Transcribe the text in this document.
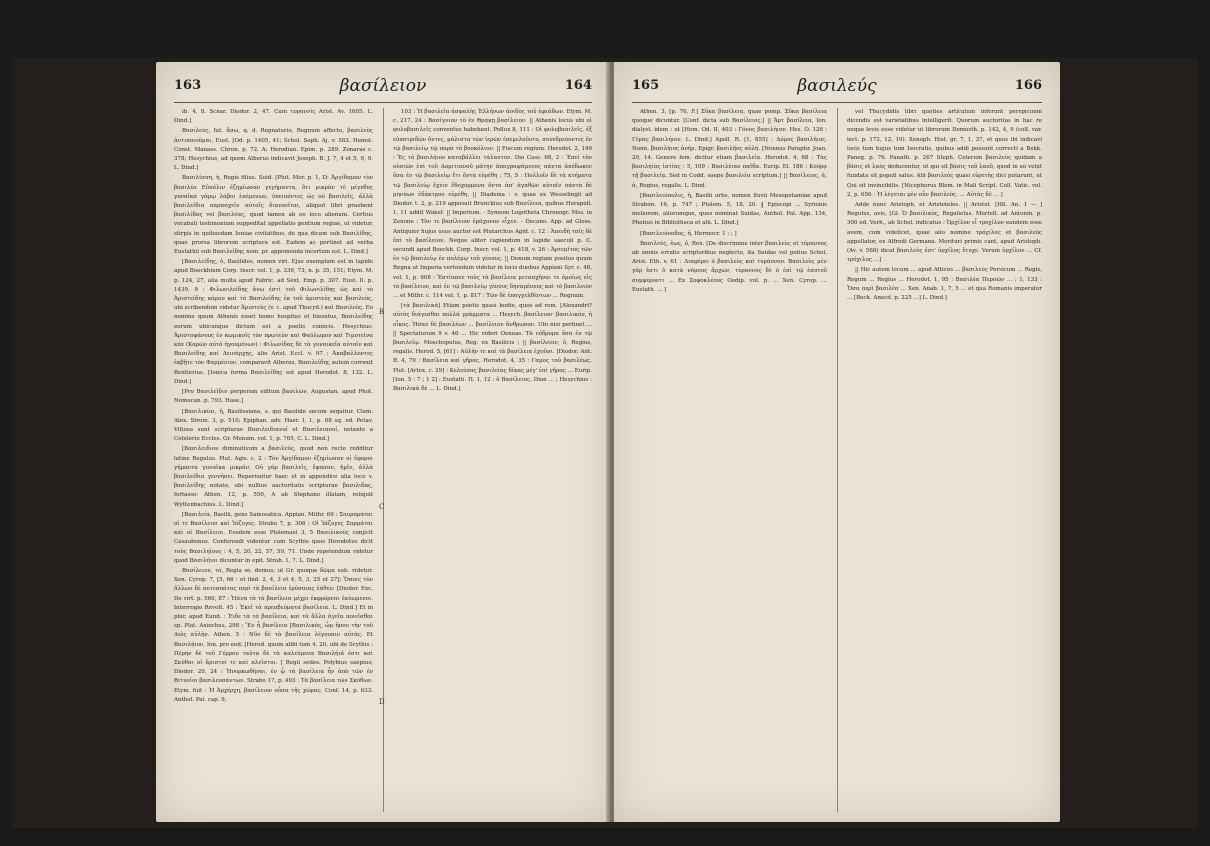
163	βασίλειον	164

ib. 4, 8. Scnar. Diodor. 2, 47. Cum τυραννὶς Arist. Av. 1605. L. Dind.]

Βασιλεὺς, fut. ἄσω, q. d. Regnaturio, Regnum affecto, βασιλεὺς ἀντιποιοῦμαι, Eust. [Od. p. 1405, 41; Schol. Soph. Aj. v. 583. Hemst. Const. Manass. Chron. p. 72. A; Herodian. Epim. p. 289. Zonaras c. 378; Hesychius, ad quem Alberus indicavit Joseph. B. J. 7, 4 et 5, 9, 9. L. Dind.]

Βασιλίσση, ἡ, Regis filius. Suid. [Plut. Mor. p. 1, D: Ἀργίδαμον τὸν βασιλέα Εὐπόλιν ἐζημίωσαν γεγήμαντα, ὅτι μικρὰν τὲ μέγεθος γυναῖκα γάμῳ λάβοι ἐπέμενων, ὑπειπόντες ὡς οὐ βασιλεῖς, ἀλλὰ βασιλείδια παρασχεῖν αὐτοῖς διανοεῖται, aliquot libri praebent βασιλίδας vel βασιλέας, quod tamen ab eo loco alienum. Certius vocabuli testimonium suppeditat appellatio gentium regiae, ut videtur, stirpis in quibusdam Ioniae civitatibus, de qua dicam sub Βασιλίδης, quae prorsa librorum scriptura est. Eadem ac pertinet ad verba Eustathii sub Βασιλείδης nom. pr. appomenda incertum est. L. Dind.]

[Βασιλείδης, ὁ, Basilides, nomen viri. Ejus exemplum est in lapide apud Boeckhium Corp. Inscr. vol. 1, p. 339, 73, n. p. 35, 151; Etym. M. p. 124, 27, alia multa apud Fabric. ad Sext. Emp. p. 307. Eust. Il. p. 1439, 9 : Φιλωνιλείδης ἄνω ἐστὶ τοῦ Φιλωνιλίδης ὡς καὶ τὸ Ἀριστείδης κάρου καὶ τὸ Βασιλείδης ἐκ τοῦ ἀριστεὺς καὶ βασιλεύς, ubi scribendum videtur Ἀριστεὺς (v. c. apud Thucyd.) καὶ Βασιλεὺς. Eo nomine quum Athenis esset homo hospitus et hiesutus, Βασιλείδης eorum ubicunque dictum est a poetis comicis. Hesychius: Ἀριστοφάνους ἐν κωμικοῖς τὸν πρωτεὺν καὶ Φαύλωμον καὶ Τιμοτεῖνα κέα (Καρῶν αὐτὸ ἡγουμένων) : Φιλωνίδας δὲ τὰ γυναικεῖα αὐτοῖν καὶ Βασιλείδης καὶ Δεινάρχης, alio Arist. Eccl. v. 97 : Ἀκαβαλλοντες ἐκβῇτε τὸν Φαρμένιον, comparavit Alberus, Βασιλείδης autem correxit Bentlerius. [Ionica forma Βασιλεῖδης est apud Herodot. 8, 132. L. Dind.]

[Pro Βασιλεῖδιν perperam editum βασιλῶν, Augustan, apud Phot. Nomocan. p. 793. Hase.]

[Βασιλικίαι, ἡ, Basilissiana, s. qui Basilide secum sequitur. Clem. Alex. Strom. 3, p. 510; Epiphan. adv. Haer. I, 1, p. 68 sq. ed. Petav. Vitiosa sunt scripturae Βασιλειδιανοί et Βασιλειανοί, notante a Cotelerio Eccles. Gr. Monum. vol. 1, p. 765, C. L. Dind.]

[Βασιλειδιον diminutivum a βασιλεύς, quod non recte redditur latine Regulus. Plut. Agis. c. 2 : Τὸν Ἀργίδαμον ἐζημίωσαν οἱ ἔφοροι γήμαντα γυναῖκα μικράν, Οὐ γὰρ βασιλεῖς, ἔφασαν, ἡμῖν, ἀλλὰ βασιλείδια γεννήσει. Reperiuntur haec et in appendice alia loco v. βασιλείδης notato, ubi nullius auctoritatis scripturae βασιλιδας, fortasse: Athen. 12, p. 550, A ab Stephano illatam, reliquit Wyttenbachius. L. Dind.]

[Βασιλεία, Basilii, gens Samosatica. Appian. Mithr. 69 : Σαυρομάται οἱ τε Βασίλειοι καὶ Ἰάζυγες. Strabo 7, p. 306 : Οἱ Ἰάζυγες Σαρμάται καὶ οἱ Βασίλειοι. Eosdem esse Ptolemaei 3, 5 Βασιλικοὺς conjicit Casaubonus. Conferendi videntur cum Scythis quos Herodotus dicit τοὺς Βασιληίους : 4, 5, 20, 22, 57, 59, 71. Unde repetendum videtur quod Βασιλήιοι dicuntur in epit. Strab. 1, 7. L. Dind.]

Βασίλειον, τὸ, Regia se. domus; ut Gr. quoque δῶμα sub. videtur. Xen. Cyrop. 7, [5, 66 : et ibid. 2, 4, 3 et 4, 5, 3, 25 et 27]; Ὅσοις τὸν ἄλλων δὲ ποτεσπάτας περὶ τὰ βασίλεια ἐρύσαιας ἐάθεν; [Diodor. Exc. De virt. p. 560, 87 : Ἠάνα τὰ τὰ βασίλεια μέχρι ἐκφρόρναι ἐκύωμενοι. Interrogio Revolt. 45 : Ἐκεῖ τὰ πρεσβεύματα βασίλεια. L. Dind.] Et in plur. apud Eund. : Ἐιδε τὰ τὰ βασίλεια, καὶ τὰ ἄλλα ἀγεῖα ποιεῖσθαι sp. Plat. Axiochus, 298 : Ἕν ἧ βασίλεια [Βασιλικός, ὧμ ἥπου τὴν τοῦ Διὸς αὐλὴν. Athen. 5 : Νῦν δὲ τὰ βασίλεια λέγουσιν αὐτὰς. Et Βασιλήιον, Ion. pro eod. [Herod. quum alibi tum 4, 20, ubi de Scythis : Πέρην δὲ τοῦ Γέρρου ταῦτα δὲ τὰ καλεύμενα Βασιλήιά ἐστι καὶ Σκύθαι οἱ ἄριστοί τε καὶ πλεῖστοι. [ Regii sedes. Polybius saepius; Diodor. 20, 24 : Ἠνορκωθήναι, ἐν ᾧ τὰ βασίλεια ἦν ἀπὸ τῶν ἐν Βιτυνίοι βασιλευσάντων. Strabo 17, p. 493 : Τὰ βασίλεια τῶν Σκύθων. Etym. fuit : Ἡ Ἀρχέρχη, βασίλειον οὖσα τῆς χώρας. Conf. 14, p. 633. Anthol. Pal. cap. 9,

B
C
D

103 : Ἡ βασιλεῖα ἀσφαλὴς Ἑλλήνων ἀοιδὸς τοῦ ἐφεάδων. Etym. M. c. 217, 24 : Βασίγνιον τὸ ἐν Θρᾳκῃ βασίλειον. || Athenis locus ubi οἱ φυλοβασιλεῖς conventus habebant. Pollux 8, 111 : Οἱ φυλοβασιλεῖς, ἐξ εὐπατριδῶν ὄντες, μάλιστα τῶν ἱερῶν ἐπεμελοῦντο, συνεδρεύοντες ἐν τῷ βασιλείῳ τῷ παρὰ τὸ βουκόλιον. || Fiscum regium. Herodot. 2, 149 : Ἐς τὸ βασιλήιον καταβάλλει τάλαντον. Dio Cass. 68, 2 : Ἐπεὶ τὸν οὐσιῶν ἐπὶ τοῦ Δομιτιανοῦ μάτην ἀπογραψάμενος πάντα ἀπέδωκεν ὅσα ἐν τῷ βασιλείῳ ἔτι ὄντα εὑρέθη ; 75, 5 : Πολλοῖν δὲ τὰ κτήματα τῷ βασιλείῳ ἔχειν ἔδοχορμονα ὄντα ἀπ' ἀγαθῶν αὑτοῖν πάντα δὲ μηνύων ἐδάκτρου εὐρέθη. || Diadema : v. quae ex Wesselingii ad Diodor. t. 2, p. 219 apposuit Brunckius sub Βασίλεια, quibus Horapoll. 1, 11 addit Wakef. || Imperium. - Symeon Logotheta Chronogr. Mss. in Zenone : Τὸν τε βασίλειον ἐμάχονον εἶχεν. - Decano. App. ad Gloss. Antiquior hujus usus auctor est Plutarchus Agid. c. 12 : Ἀπειδὴ ταῖς δὲ ἐπὶ τὸ βασίλειον. Neque aliter capiendum in lapide saeculi p. C. secundi apud Boeckh. Corp. Inscr. vol. 1, p. 418, v. 26 : Ἀρτεμίτος τῶν ἐν τῷ βασιλείῳ ἐν πολέμῳ τοῦ γένους. || Donum regiam positus quum Regna ut Imperia vertendum videtur in locis duobus Appiani Syr. c. 48, vol. 1, p. 608 : Ἐστίασεν τοὺς τὰ βασίλεια μετασχῆναι τε ὁμοίως εἰς τὸ βασίλειον, καὶ ἐν τῷ βασιλείῳ γένους δηναμένους καὶ τὸ βασιλειον ... et Mithr. c. 114 vol. 1, p. 817 : Τῶν δὲ ἐπαγγελθέντων ... Regnum.

[τὰ βασιλικά] Etiam poetis quasi hodie, quos ad rem. [Alexandri? αὐτὸς διάγεσθαι πολλά γράμματα ... Hesych. βασίλειον· βασιλικὸν, ἡ οἶκος. Ἡσαν δὲ βασιλέων ... βασίλειον ἄνθρωπον. Ubi nisi pertinet ... || Spectatorum 9 v. 46 ... Hic videri Oeneas. Τὰ εὐδρομα ὅσα ἐν τῷ βασιλείῳ. Moschopulus, Reg. ex Basilicis ; || βασίλειον, ὁ, Regius, regalis. Herod. 5, [61] : Αὐλὴν τε καὶ τὰ βασίλεια ἐχοῦσι. [Diodor. Ant. R. 4, 79 : Βασίλεια καὶ γῆρας. Herodot. 4, 35 : Γαμος τοῦ βασιλέως. Plut. [Artox. c. 29] : Κελεύσας βασιλείας δίκας μέγ' ἐπὶ γῆρας ... Eurip. [Ion. 5 : 7 ; 1 2] : Eustath. Π. 1, 12 : ὁ Βασίλειος. Dion ... ; Hesychius : Βασιλικὰ δὲ ... L. Dind.]

165	βασιλεύς	166

Athen. 3, [p. 76, F.] Σῦκα βασίλεια, quae pomp. Σῦκα βασίλεια quoque dicuntur. [Conf. dicta sub Βασίλειος.] || Ἀρτ βασίλεια, Ion. dialyst. idem : ut [Hom. Od. II, 403 : Γόνος βασιλήιον. Hes. O. 126 : Γέρας βασιλήιον. L. Dind.] Apoll. R. [1, 855] : Δόμος βασιλήιος. Nonn. βασιλήιος ἀνήρ. Epigr. βασιλῆος αὐλή. [Nonnus Paraphr. Joan. 20, 14. Genere fem. dicitur etiam βασιλεία. Herodot. 4, 68 : Τὰς βασιληίας ἱστίας : 5, 109 : Βασιλέιαν παῖδα. Eurip. El. 186 : Κούρᾳ τῇ βασιλείᾳ. Sed in Codd. saepe βασιλεία scriptum.] || Βασίλειος, ἁ, ἁ, Regius, regalis. L. Dind.

[Βασιλειόπολις, ἡ, Basilii urbs, nomen fluvii Mesopotamiae apud Strabon. 16, p. 747 ; Ptolem. 5, 18, 20. ‖ Episcopi ... Syrionis meliorem, aliorumque, quos nominat Suidas, Anthol. Pal. App. 134, Photius in Bibliotheca et alii. L. Dind.]

[Βασιλειόνοδος, ἡ. Hermocr. 1 : ; ]

Βασιλεύς, ἐως, ὁ, Rex. [De discrimine inter βασιλεὺς et τύραννος ab omnis erratis scriptoribus neglecto, ita Suidas vel potius Schol. Arist. Eth. v. 61 : Διαφέρει ὁ βασιλεὺς καὶ τυράννου. Βασιλεὺς μὲν γάρ ἐστι ὁ κατὰ νόμους ἄρχων, τύραννος δὲ ὁ ἐπὶ τῷ ἑαυτοῦ συμφέροντι ... Ex Σοφοκλέους Oedip. vol. p. ... Xen. Cyrop. ... Eustath. ... ]

vel Thucydidis libri quoties articulum inferunt perspicuum dicendis est varietatibus intelligerit. Quorum auctoritas in hac re neque levis esse videtur ut librorum Demosth. p. 142, 4, 9 (coll. var. lect. p. 172, 12, 19). Xenoph. Hist. gr. 7, 1, 37, et quos ibi indicavi locis tum hujus tum Isocratis, quibus addi possunt correcti a Bekk. Paneg. p. 76. Panath. p. 267 Steph. Ceterum βασιλεὺς quidam a βάσις et λαὸς deducentur, ut qui sit βάσις τοῦ λαοῦ, quod in eo velut fundata sit populi salus. Alii βασιλεὺς quasi εὑρετὴς dici putarunt, ut Qui sit invincibilis. [Nicephorus Blem. in Mali Script. Coll. Vatic. vol. 2, p. 656 : Ἡ λέγεται μὲν οὖν βασιλεὺς. ... Αὐτὰς δὲ ... ]

Adde nunc Aristoph. et Aristoteles. || Aristot. [Hil. An. 1 — ] Regulus, avis, [Gl. Ὁ βασιλικός, Regaliolus. Mortell. ad Antonin. p. 300 ed. Verh., ab Schol. indicatus : Ὀρχίλον εἶ τροχίλον eandem esse avem, cum videlicet, quae alio nomine τρόχιλος et βασιλεὺς appellatur, ex Alfredi Germana. Morituri primis cant, apud Aristoph. (Av. v. 568) dicat βασιλεὺς ἐστ' ὀρχίλος ἔτυχε. Verum ὀρχίλον ... Cf. τρόχιλος ...]

|| Hic autem locum ... apud Atticos ... βασιλεύς Persicum ... Regis, Regum ... Regius ... Herodot. 1, 95 : Βασιλέα Περσῶν ... ; 1, 133 : Ὅσα περὶ βασιλέα ... Xen. Anab. 1, 7, 5 ... et qua Romanis imperator ... [Beck. Anecd. p. 225 ...] L. Dind.]
